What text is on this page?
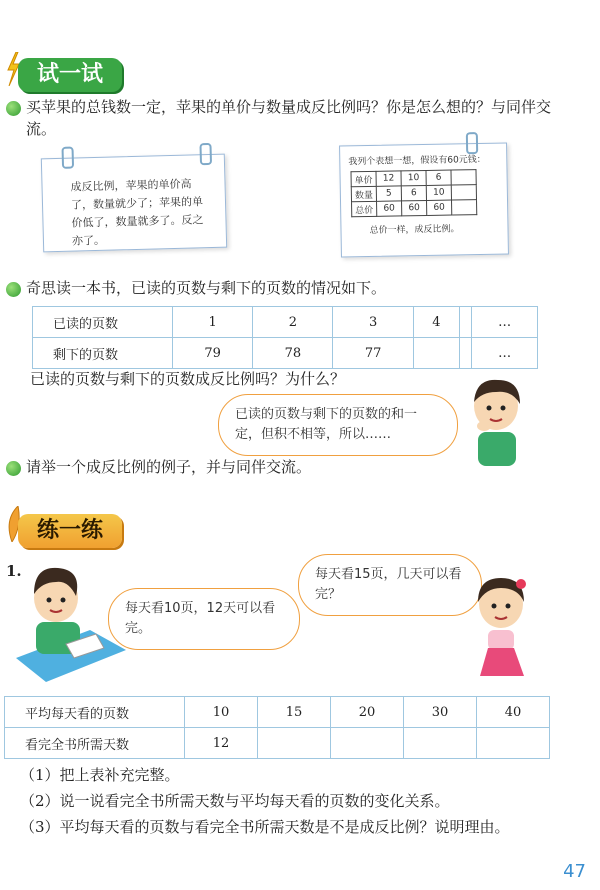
试一试
买苹果的总钱数一定，苹果的单价与数量成反比例吗？你是怎么想的？与同伴交流。
成反比例，苹果的单价高了，数量就少了；苹果的单价低了，数量就多了。反之亦了。
我列个表想一想，假设有60元钱：
单价	12	10	6	
数量	5	6	10	
总价	60	60	60	
总价一样，成反比例。
奇思读一本书，已读的页数与剩下的页数的情况如下。
已读的页数	1	2	3	4		…
剩下的页数	79	78	77			…
已读的页数与剩下的页数成反比例吗？为什么？
已读的页数与剩下的页数的和一定，但积不相等，所以……
请举一个成反比例的例子，并与同伴交流。
练一练
1.
每天看10页，12天可以看完。
每天看15页，几天可以看完？
平均每天看的页数	10	15	20	30	40
看完全书所需天数	12				
（1）把上表补充完整。
（2）说一说看完全书所需天数与平均每天看的页数的变化关系。
（3）平均每天看的页数与看完全书所需天数是不是成反比例？说明理由。
47
